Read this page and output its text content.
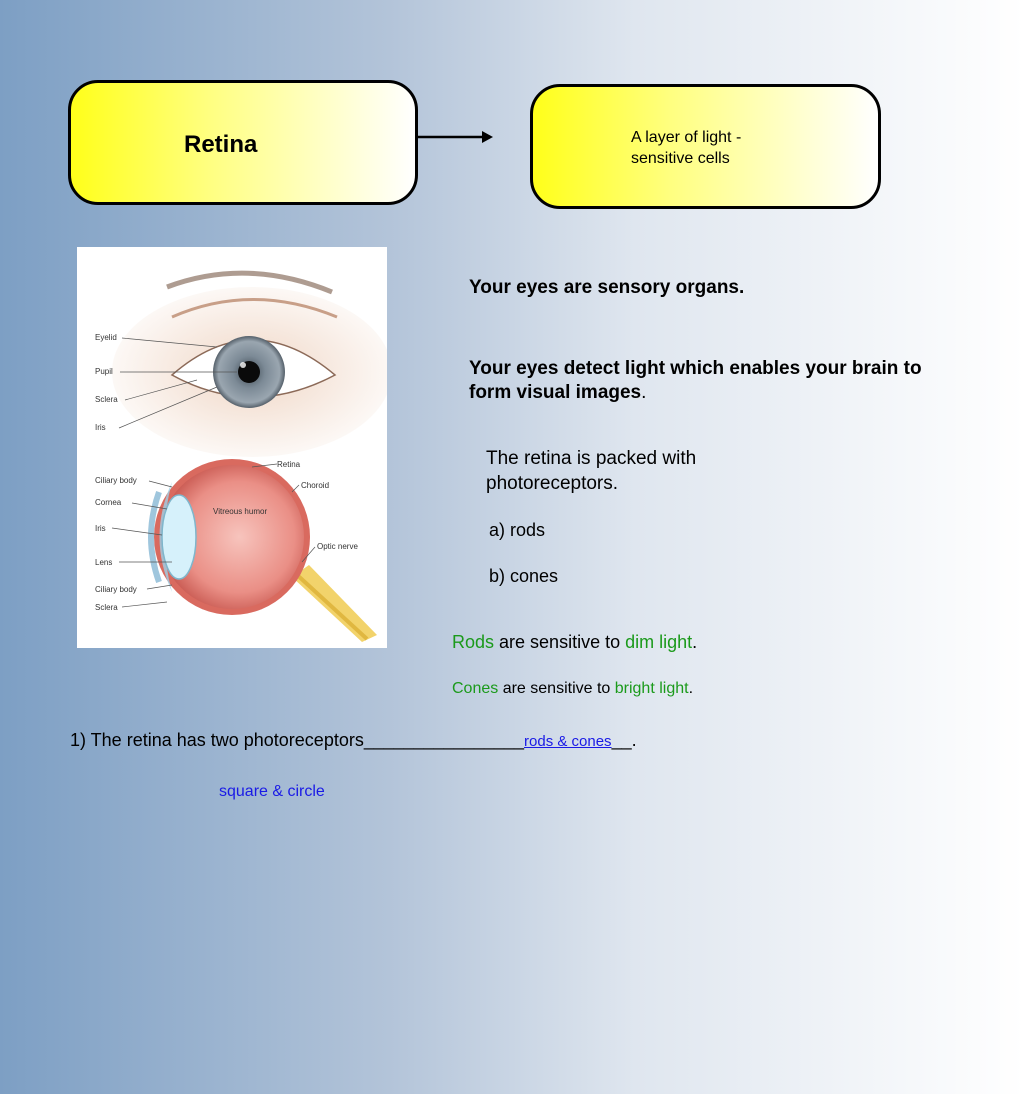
Retina	A layer of light -
sensitive cells
Eyelid
Pupil
Sclera
Iris
Retina
Ciliary body
Choroid
Cornea
Vitreous humor
Iris
Optic nerve
Lens
Ciliary body
Sclera
Your eyes are sensory organs.
Your eyes detect light which enables your brain to
form visual images.
The retina is packed with
photoreceptors.
a) rods
b) cones
Rods are sensitive to dim light.
Cones are sensitive to bright light.
1) The retina has two photoreceptors________________rods & cones__.
square & circle
